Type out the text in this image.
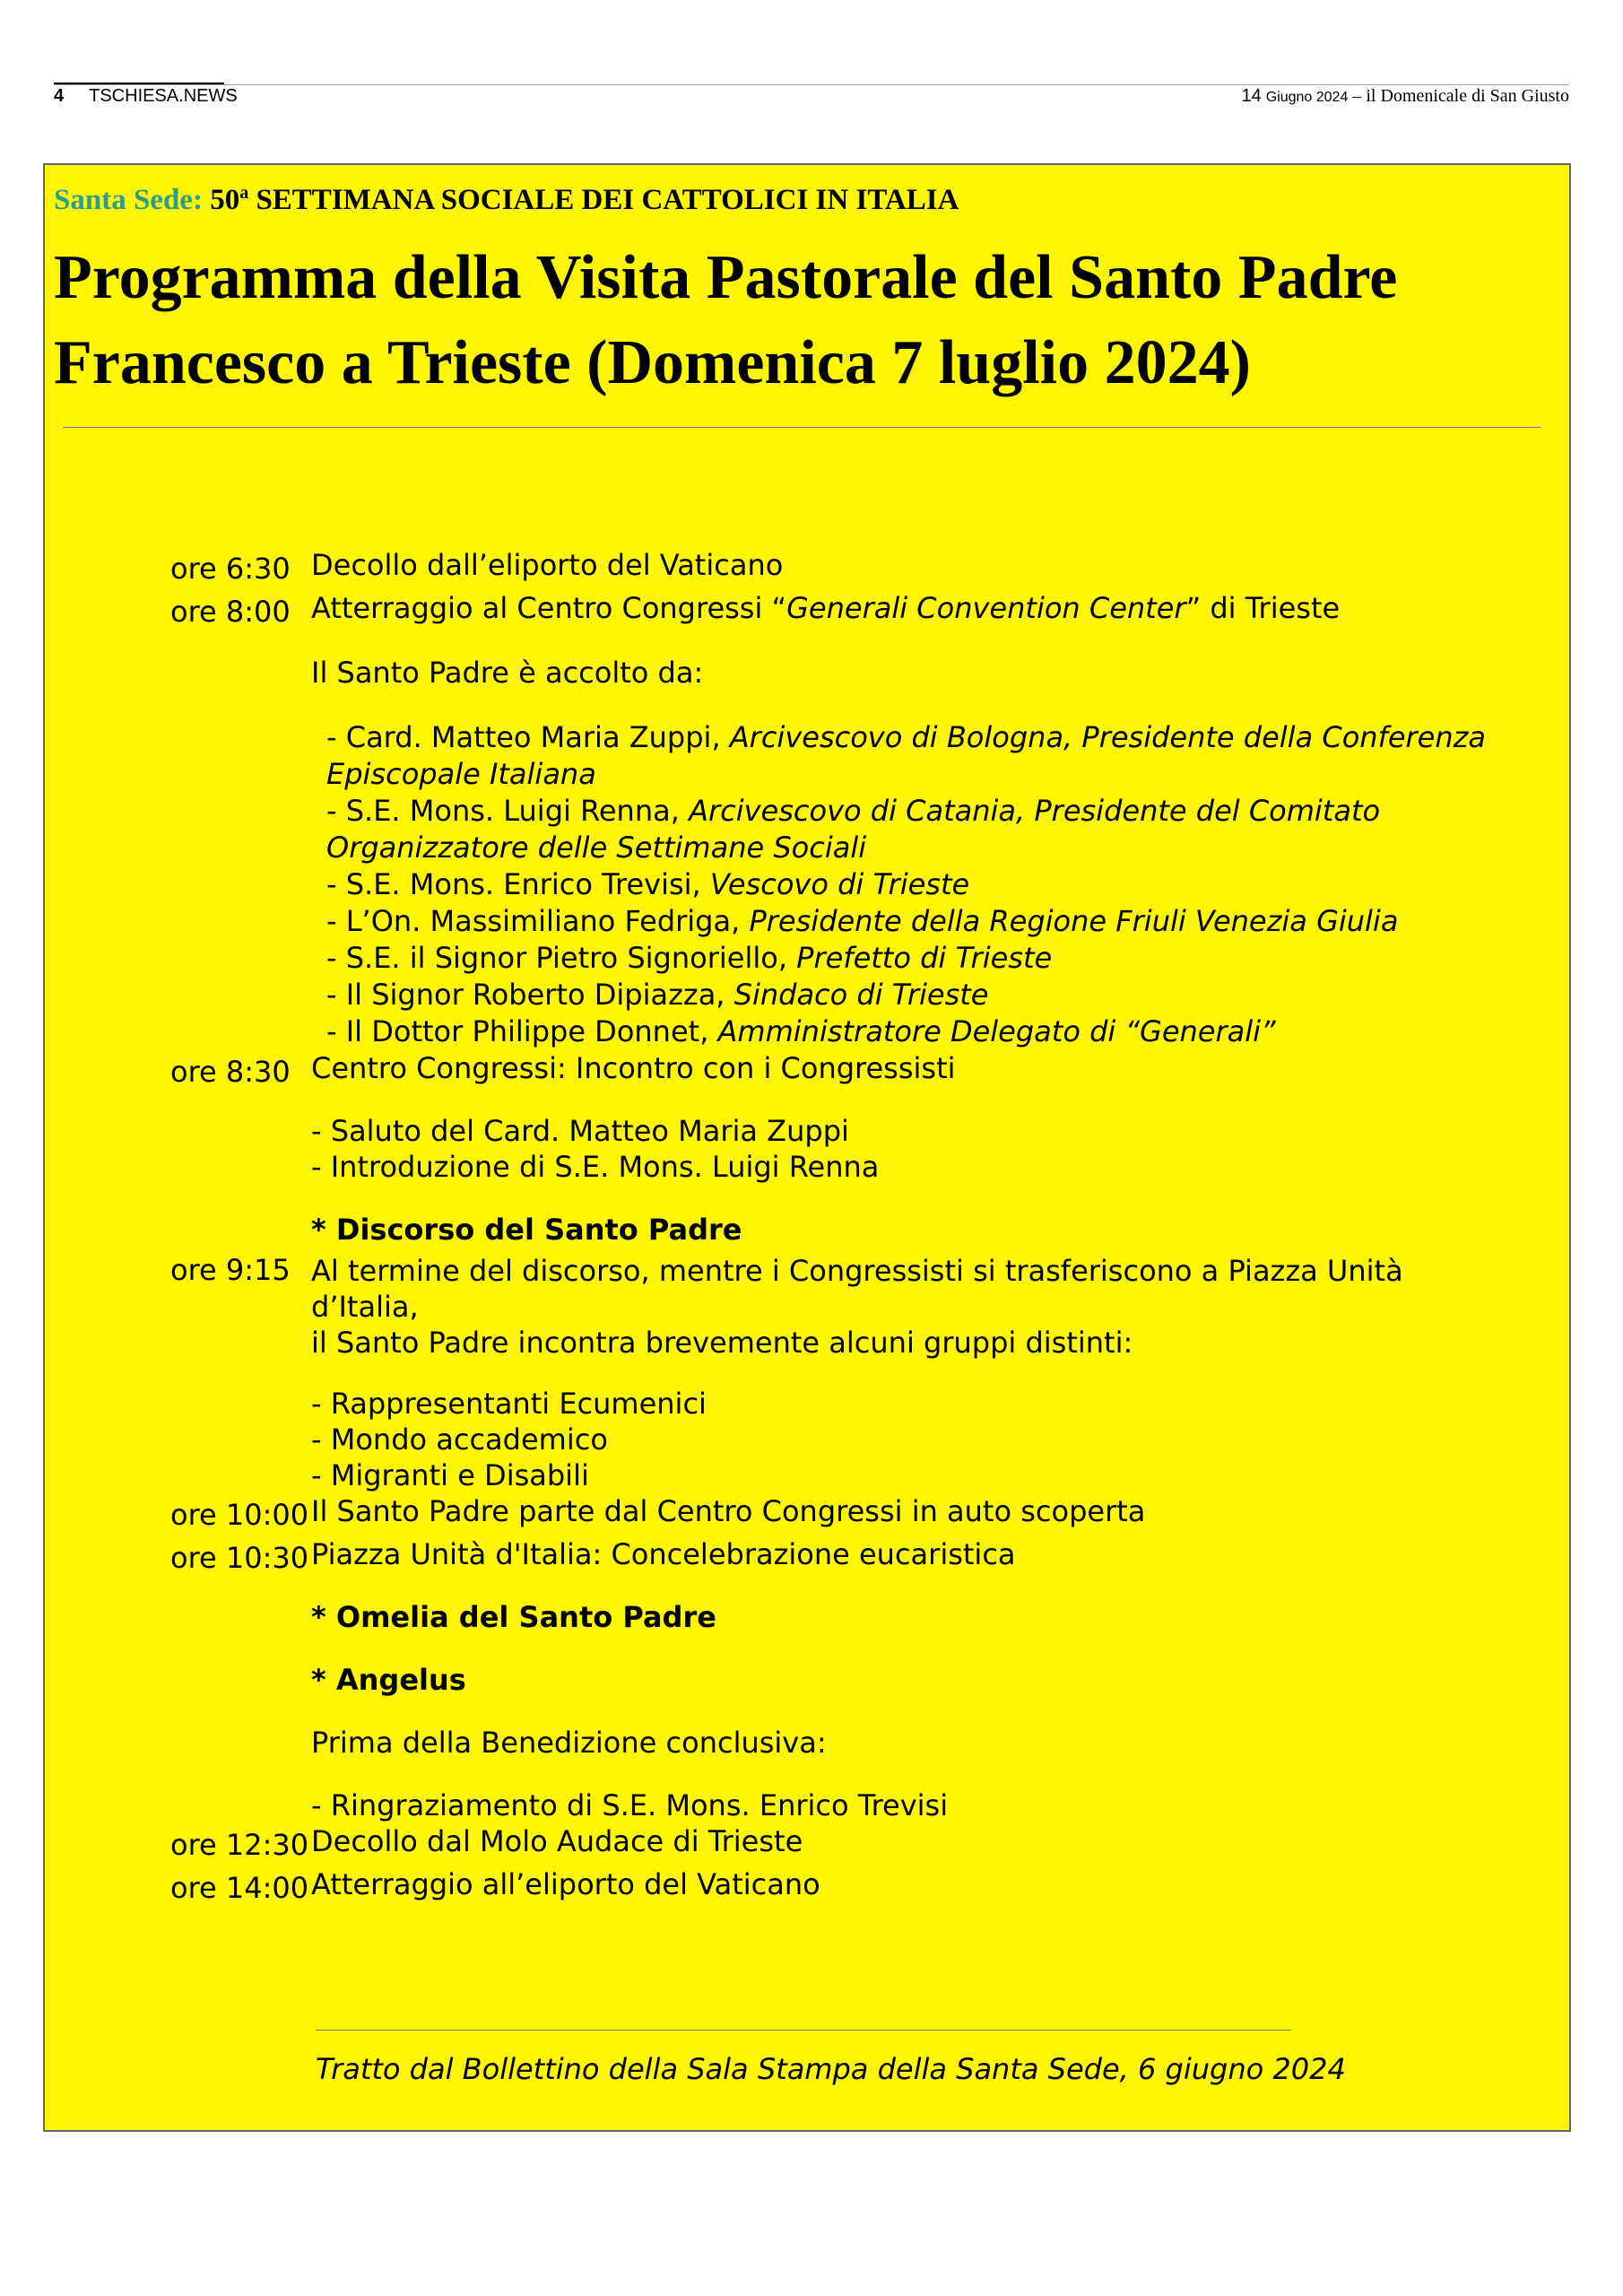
4 TSCHIESA.NEWS	14 Giugno 2024 – il Domenicale di San Giusto
Santa Sede: 50$^a$ SETTIMANA SOCIALE DEI CATTOLICI IN ITALIA
Programma della Visita Pastorale del Santo Padre
Francesco a Trieste (Domenica 7 luglio 2024)
ore 6:30 Decollo dall’eliporto del Vaticano
ore 8:00 Atterraggio al Centro Congressi “Generali Convention Center” di Trieste
Il Santo Padre è accolto da:
- Card. Matteo Maria Zuppi, Arcivescovo di Bologna, Presidente della Conferenza Episcopale Italiana
- S.E. Mons. Luigi Renna, Arcivescovo di Catania, Presidente del Comitato Organizzatore delle Settimane Sociali
- S.E. Mons. Enrico Trevisi, Vescovo di Trieste
- L’On. Massimiliano Fedriga, Presidente della Regione Friuli Venezia Giulia
- S.E. il Signor Pietro Signoriello, Prefetto di Trieste
- Il Signor Roberto Dipiazza, Sindaco di Trieste
- Il Dottor Philippe Donnet, Amministratore Delegato di “Generali”
ore 8:30 Centro Congressi: Incontro con i Congressisti
- Saluto del Card. Matteo Maria Zuppi
- Introduzione di S.E. Mons. Luigi Renna
* Discorso del Santo Padre
ore 9:15 Al termine del discorso, mentre i Congressisti si trasferiscono a Piazza Unità d’Italia,
il Santo Padre incontra brevemente alcuni gruppi distinti:
- Rappresentanti Ecumenici
- Mondo accademico
- Migranti e Disabili
ore 10:00 Il Santo Padre parte dal Centro Congressi in auto scoperta
ore 10:30 Piazza Unità d'Italia: Concelebrazione eucaristica
* Omelia del Santo Padre
* Angelus
Prima della Benedizione conclusiva:
- Ringraziamento di S.E. Mons. Enrico Trevisi
ore 12:30 Decollo dal Molo Audace di Trieste
ore 14:00 Atterraggio all’eliporto del Vaticano
Tratto dal Bollettino della Sala Stampa della Santa Sede, 6 giugno 2024
